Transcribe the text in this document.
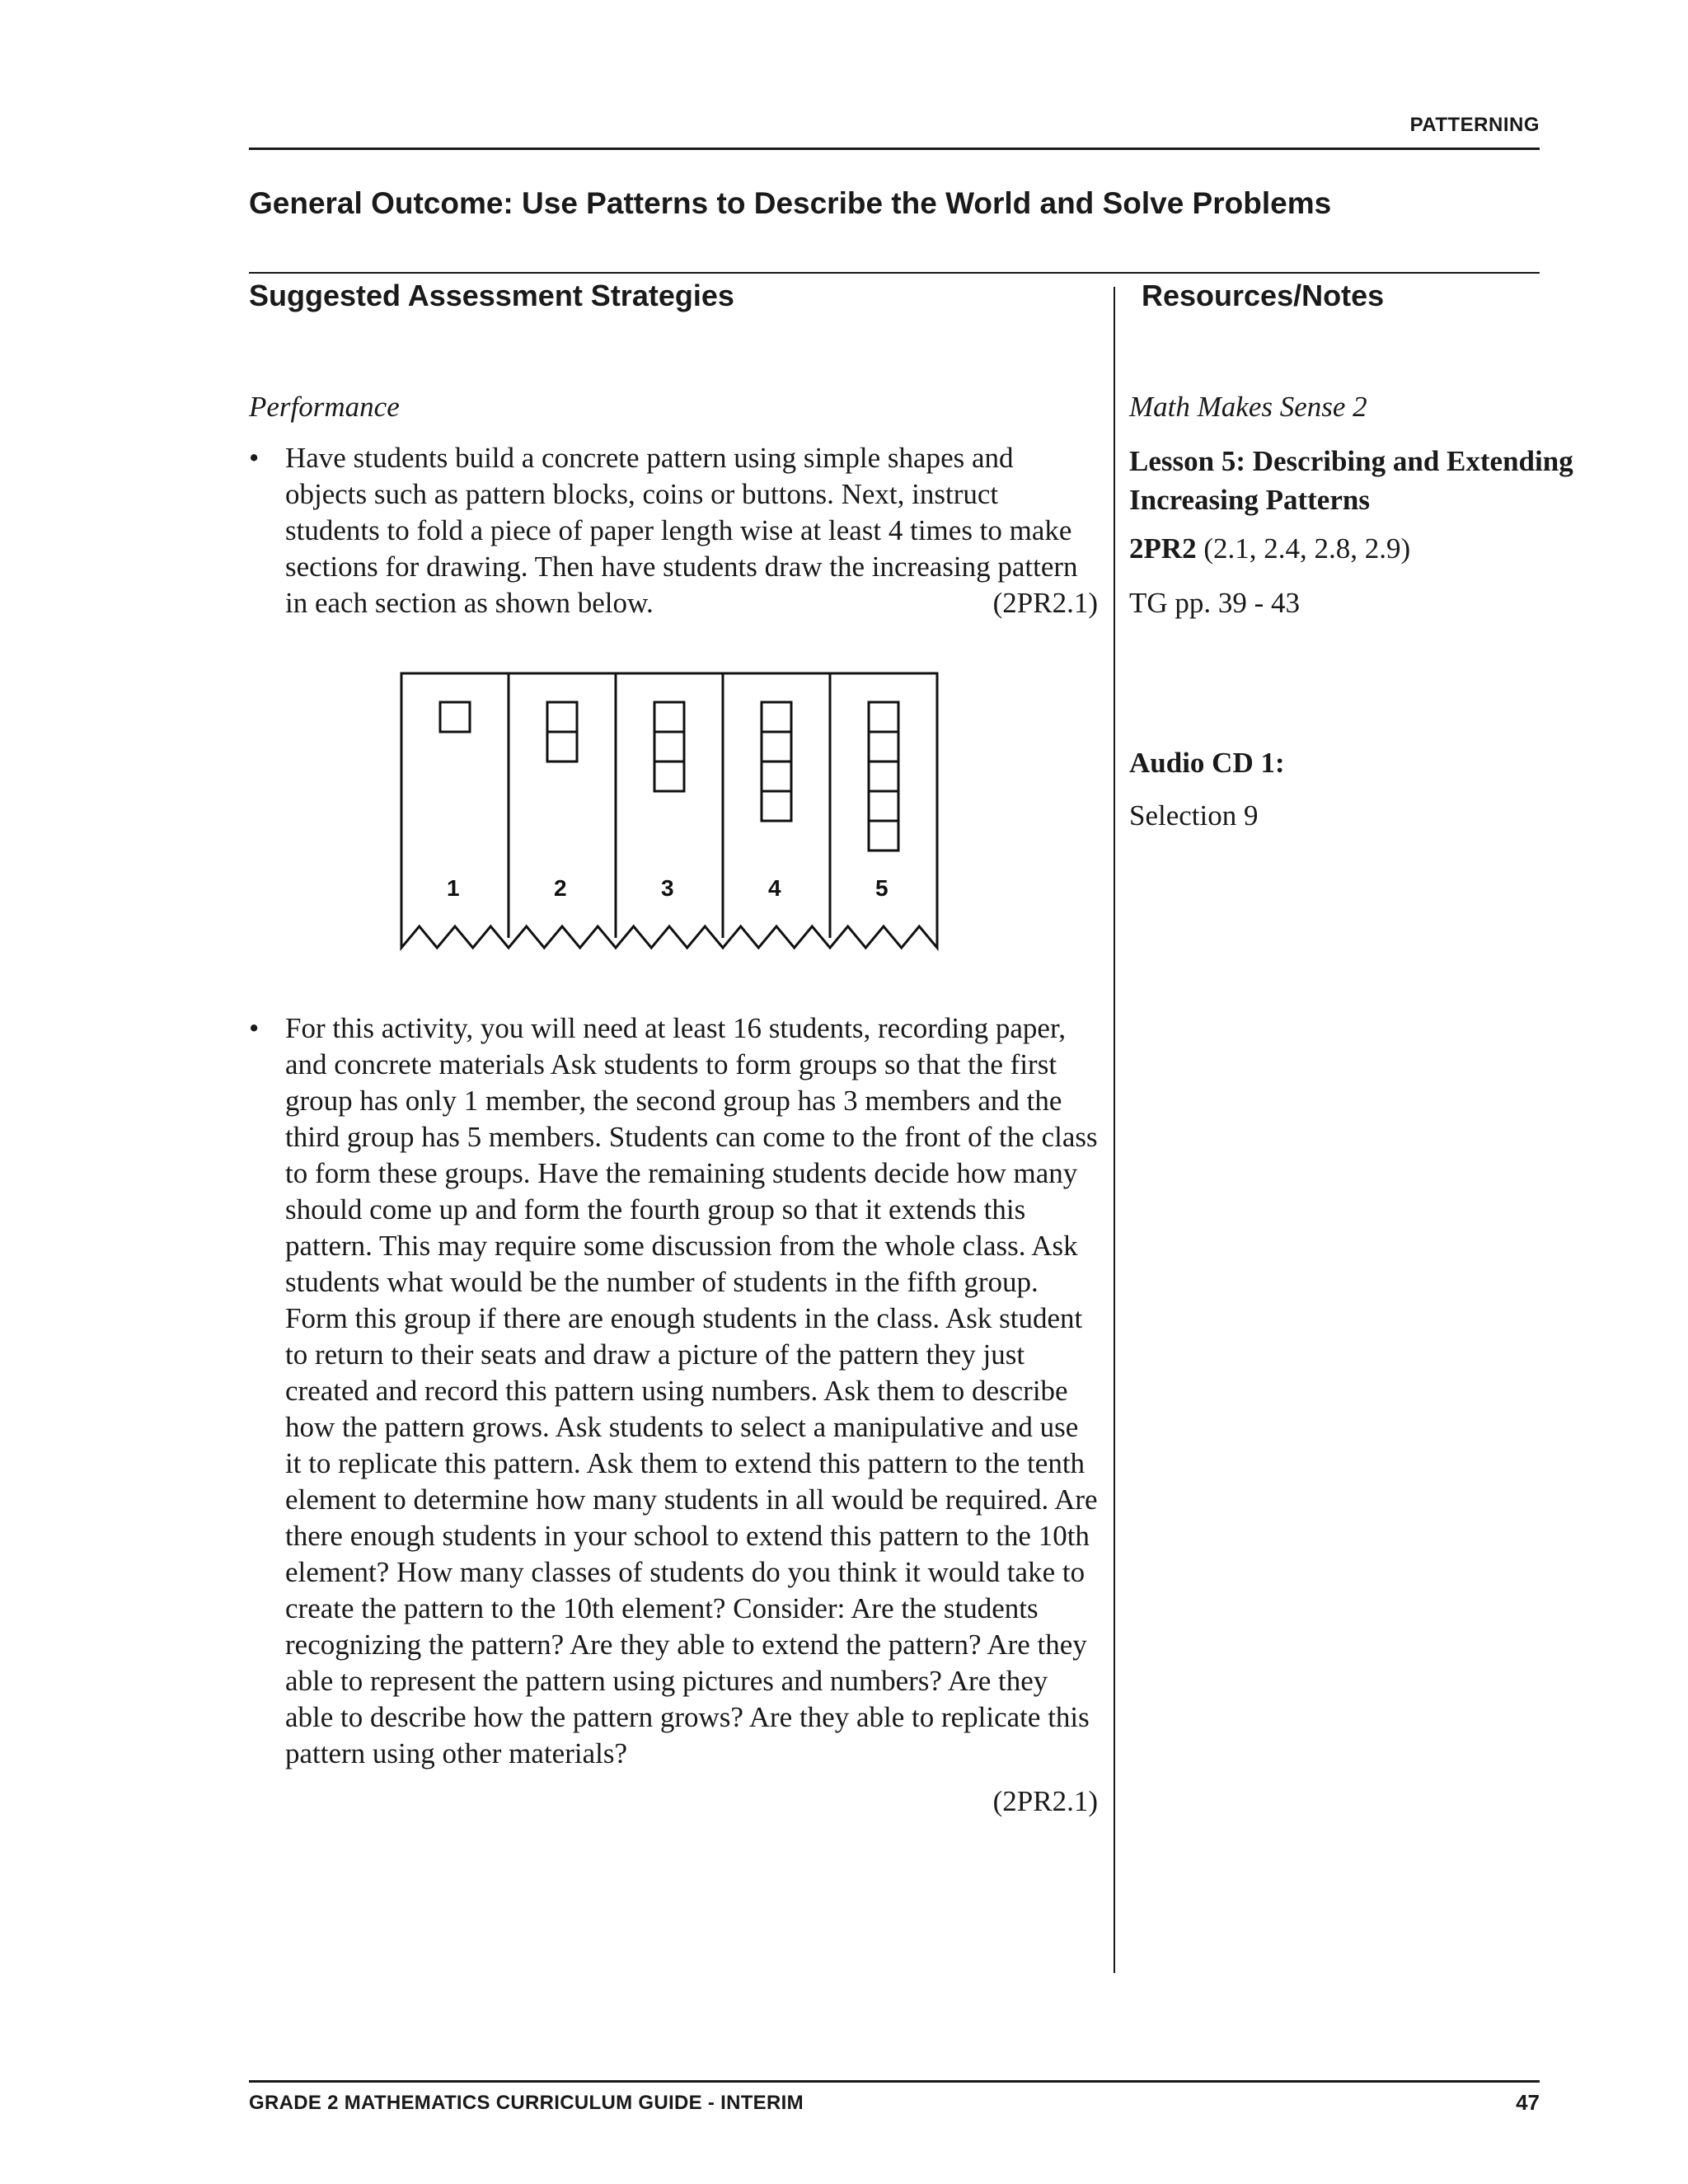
PATTERNING
General Outcome: Use Patterns to Describe the World and Solve Problems
Suggested Assessment Strategies	Resources/Notes
Performance
• Have students build a concrete pattern using simple shapes and objects such as pattern blocks, coins or buttons. Next, instruct students to fold a piece of paper length wise at least 4 times to make sections for drawing. Then have students draw the increasing pattern in each section as shown below.	(2PR2.1)
1	2	3	4	5
• For this activity, you will need at least 16 students, recording paper, and concrete materials Ask students to form groups so that the first group has only 1 member, the second group has 3 members and the third group has 5 members. Students can come to the front of the class to form these groups. Have the remaining students decide how many should come up and form the fourth group so that it extends this pattern. This may require some discussion from the whole class. Ask students what would be the number of students in the fifth group. Form this group if there are enough students in the class. Ask student to return to their seats and draw a picture of the pattern they just created and record this pattern using numbers. Ask them to describe how the pattern grows. Ask students to select a manipulative and use it to replicate this pattern. Ask them to extend this pattern to the tenth element to determine how many students in all would be required. Are there enough students in your school to extend this pattern to the 10th element? How many classes of students do you think it would take to create the pattern to the 10th element? Consider: Are the students recognizing the pattern? Are they able to extend the pattern? Are they able to represent the pattern using pictures and numbers? Are they able to describe how the pattern grows? Are they able to replicate this pattern using other materials?
(2PR2.1)
Math Makes Sense 2
Lesson 5: Describing and Extending Increasing Patterns
2PR2 (2.1, 2.4, 2.8, 2.9)
TG pp. 39 - 43
Audio CD 1:
Selection 9
GRADE 2 MATHEMATICS CURRICULUM GUIDE - INTERIM	47
